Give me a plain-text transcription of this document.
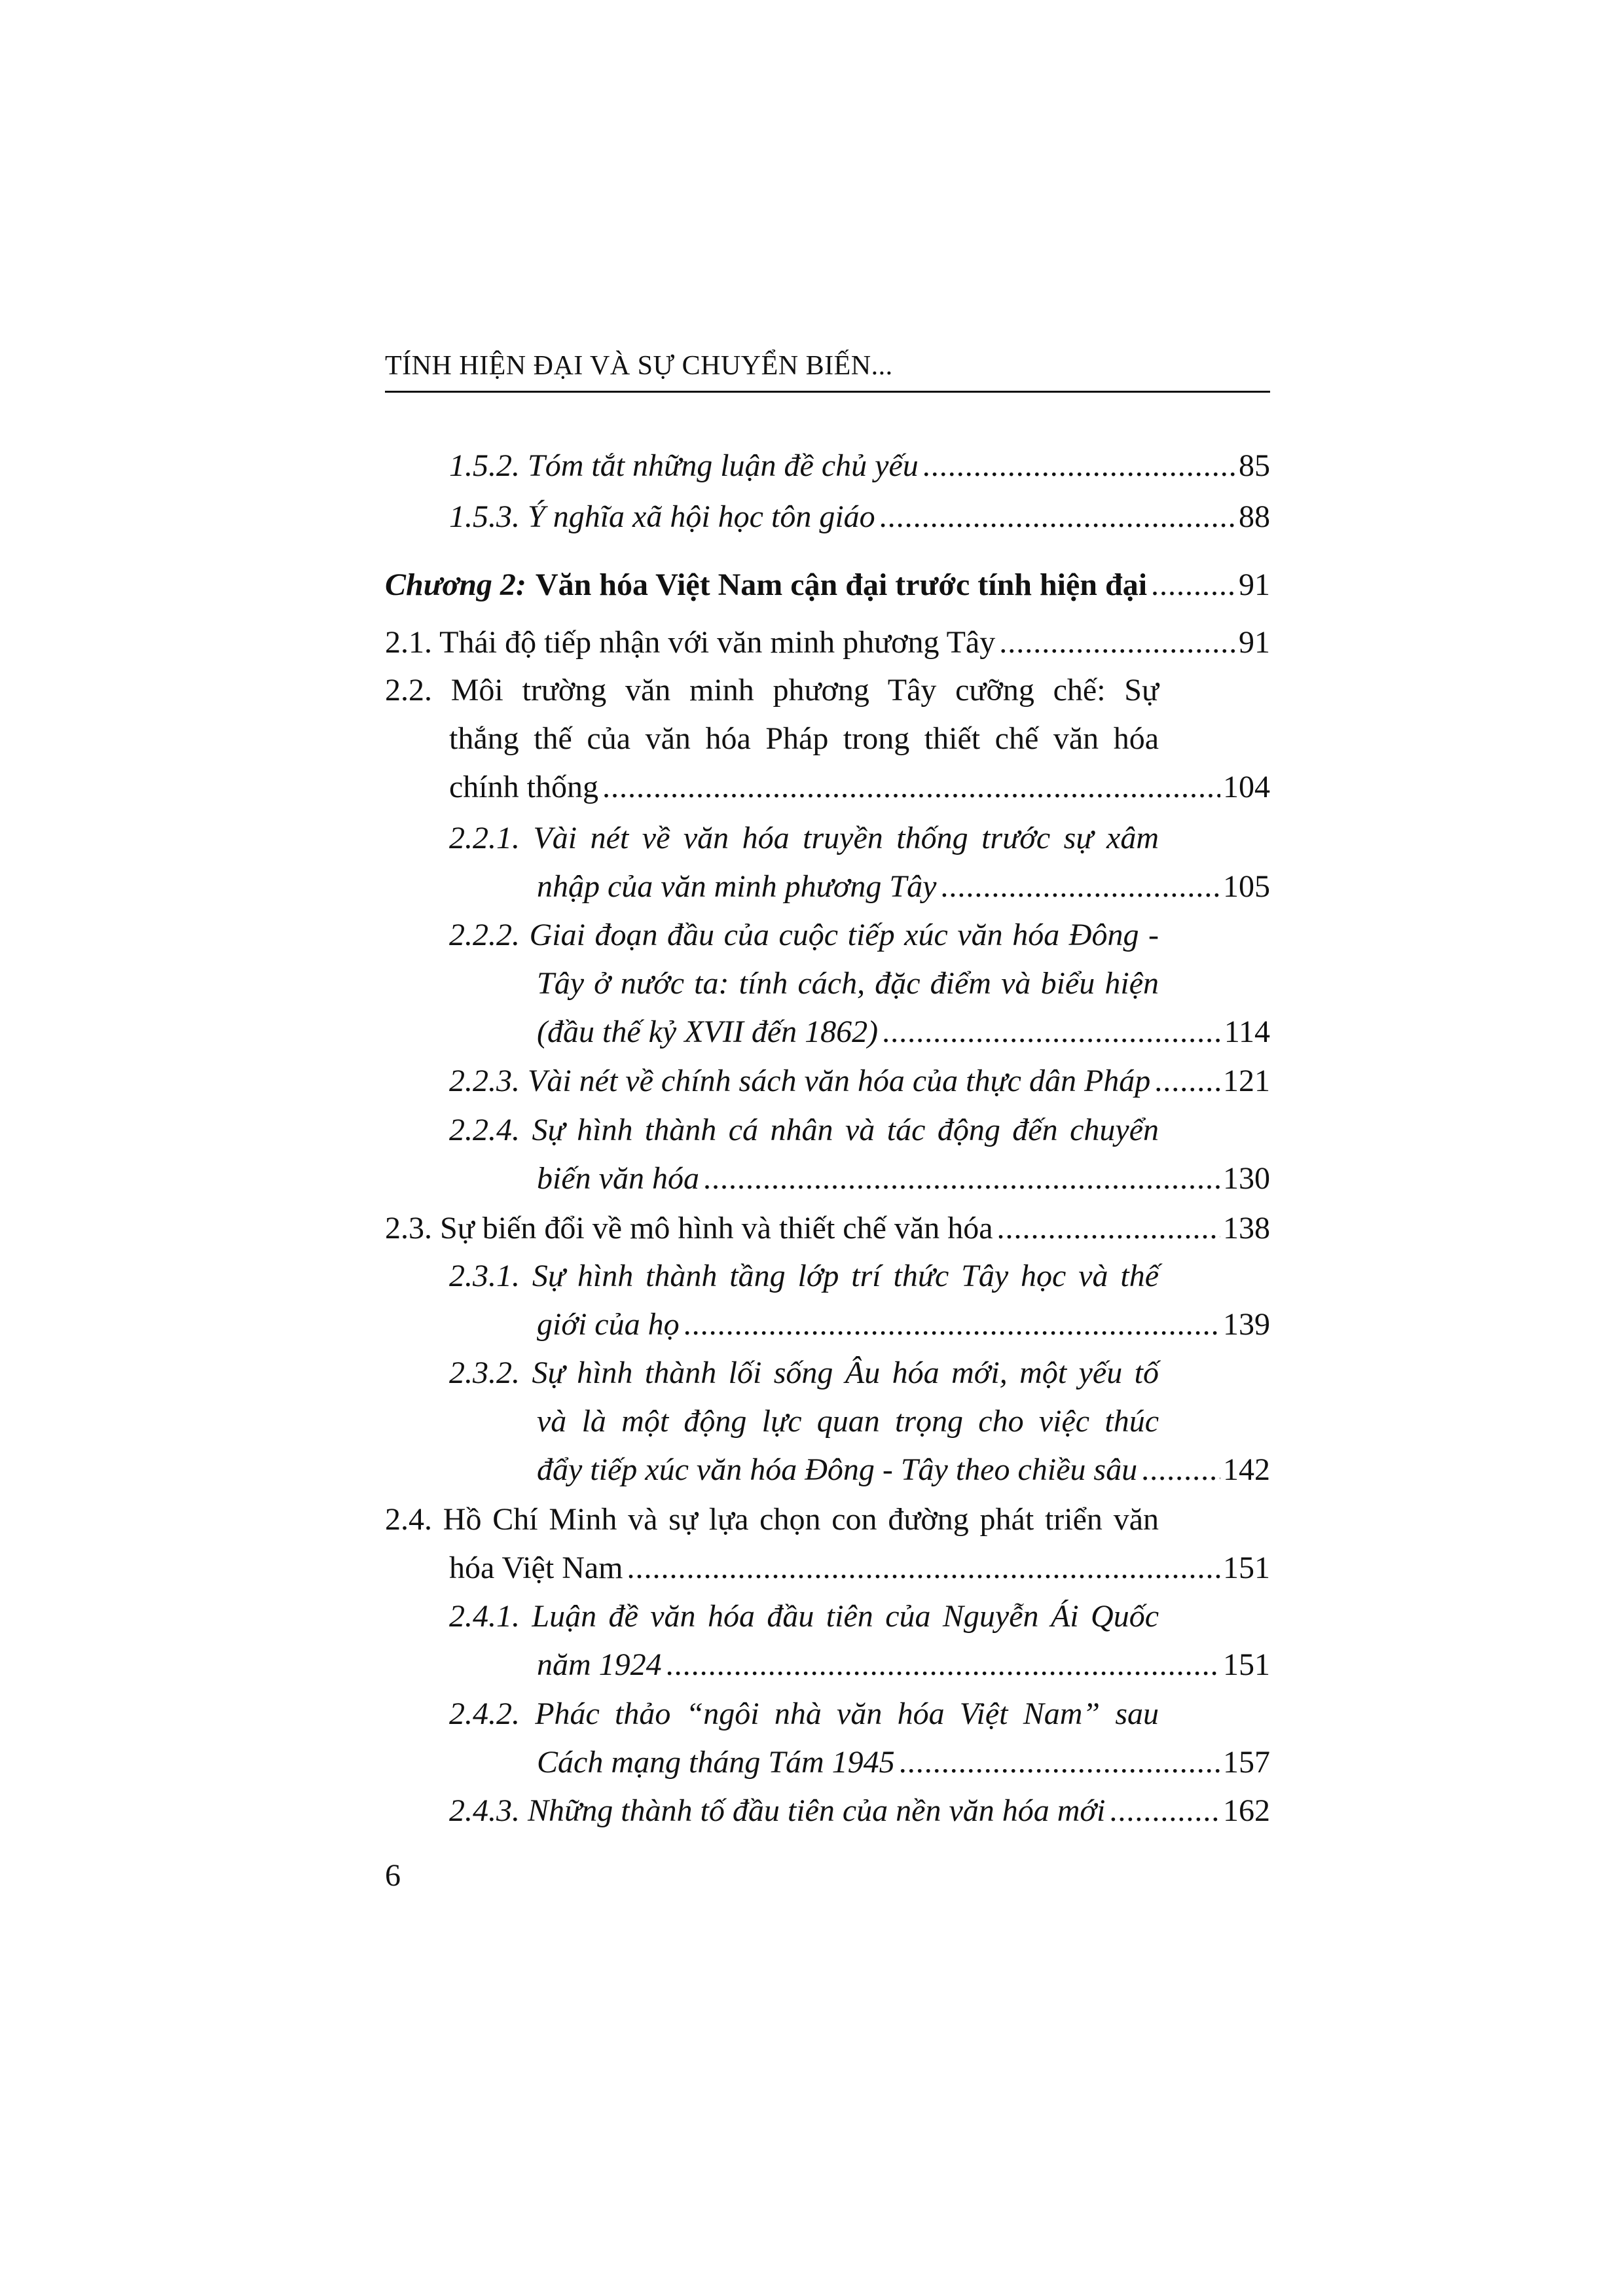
TÍNH HIỆN ĐẠI VÀ SỰ CHUYỂN BIẾN...
1.5.2. Tóm tắt những luận đề chủ yếu .....	85
1.5.3. Ý nghĩa xã hội học tôn giáo .....	88
Chương 2: Văn hóa Việt Nam cận đại trước tính hiện đại .....	91
2.1. Thái độ tiếp nhận với văn minh phương Tây .....	91
2.2. Môi trường văn minh phương Tây cưỡng chế: Sự
thắng thế của văn hóa Pháp trong thiết chế văn hóa
chính thống .....	104
2.2.1. Vài nét về văn hóa truyền thống trước sự xâm
nhập của văn minh phương Tây .....	105
2.2.2. Giai đoạn đầu của cuộc tiếp xúc văn hóa Đông -
Tây ở nước ta: tính cách, đặc điểm và biểu hiện
(đầu thế kỷ XVII đến 1862) .....	114
2.2.3. Vài nét về chính sách văn hóa của thực dân Pháp ..... 121
2.2.4. Sự hình thành cá nhân và tác động đến chuyển
biến văn hóa .....	130
2.3. Sự biến đổi về mô hình và thiết chế văn hóa .....	138
2.3.1. Sự hình thành tầng lớp trí thức Tây học và thế
giới của họ .....	139
2.3.2. Sự hình thành lối sống Âu hóa mới, một yếu tố
và là một động lực quan trọng cho việc thúc
đẩy tiếp xúc văn hóa Đông - Tây theo chiều sâu .....	142
2.4. Hồ Chí Minh và sự lựa chọn con đường phát triển văn
hóa Việt Nam .....	151
2.4.1. Luận đề văn hóa đầu tiên của Nguyễn Ái Quốc
năm 1924 .....	151
2.4.2. Phác thảo “ngôi nhà văn hóa Việt Nam” sau
Cách mạng tháng Tám 1945 .....	157
2.4.3. Những thành tố đầu tiên của nền văn hóa mới .....	162
6
